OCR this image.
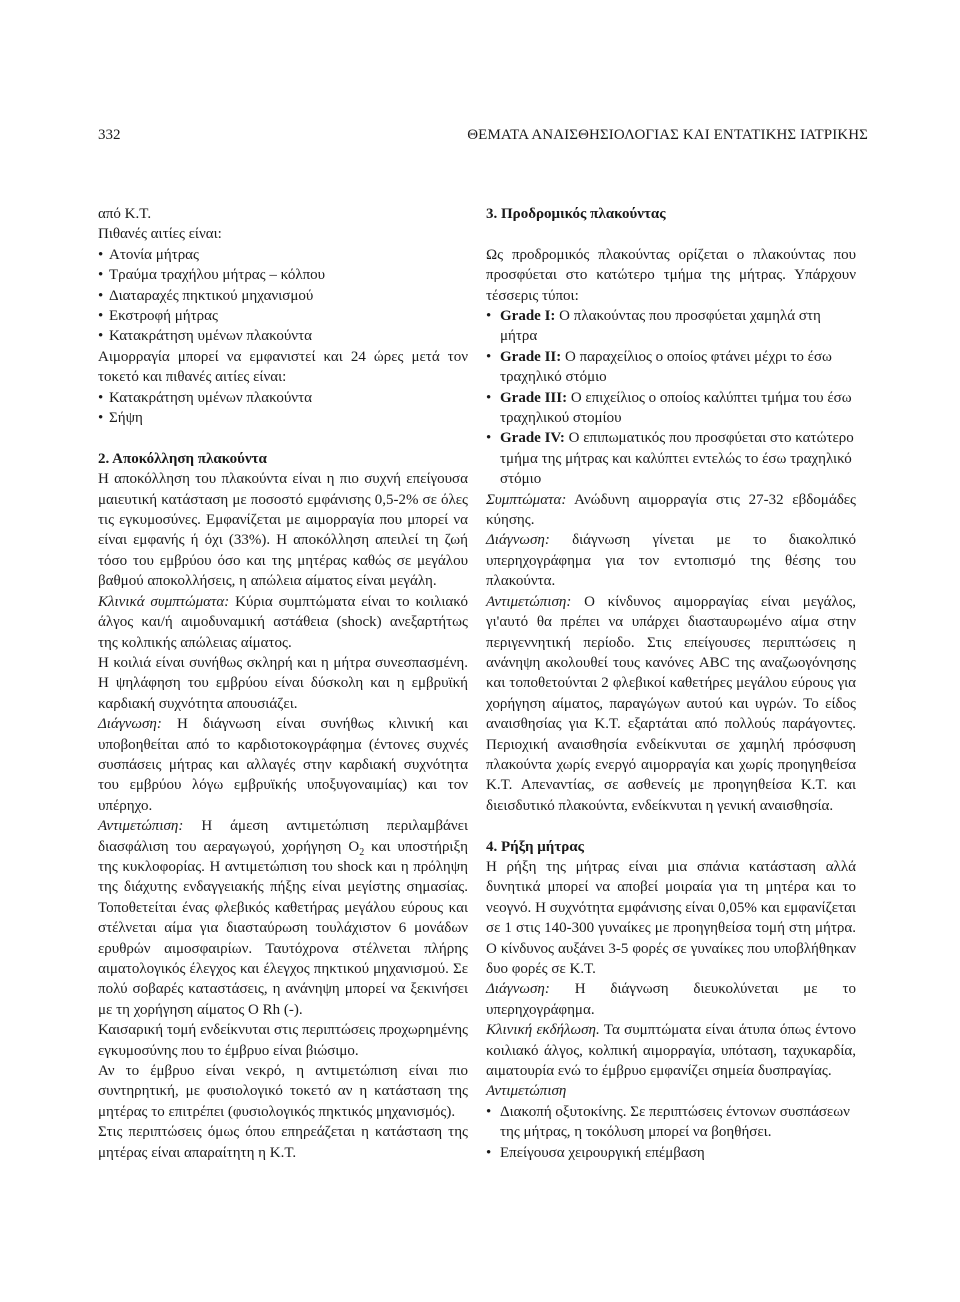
332	ΘΕΜΑΤΑ ΑΝΑΙΣΘΗΣΙΟΛΟΓΙΑΣ ΚΑΙ ΕΝΤΑΤΙΚΗΣ ΙΑΤΡΙΚΗΣ

από Κ.Τ.

Πιθανές αιτίες είναι:

• Ατονία μήτρας

• Τραύμα τραχήλου μήτρας – κόλπου

• Διαταραχές πηκτικού μηχανισμού

• Εκστροφή μήτρας

• Κατακράτηση υμένων πλακούντα

Αιμορραγία μπορεί να εμφανιστεί και 24 ώρες μετά τον τοκετό και πιθανές αιτίες είναι:

• Κατακράτηση υμένων πλακούντα

• Σήψη

2. Αποκόλληση πλακούντα

Η αποκόλληση του πλακούντα είναι η πιο συχνή επείγουσα μαιευτική κατάσταση με ποσοστό εμφάνισης 0,5-2% σε όλες τις εγκυμοσύνες. Εμφανίζεται με αιμορραγία που μπορεί να είναι εμφανής ή όχι (33%). Η αποκόλληση απειλεί τη ζωή τόσο του εμβρύου όσο και της μητέρας καθώς σε μεγάλου βαθμού αποκολλήσεις, η απώλεια αίματος είναι μεγάλη.

Κλινικά συμπτώματα: Κύρια συμπτώματα είναι το κοιλιακό άλγος και/ή αιμοδυναμική αστάθεια (shock) ανεξαρτήτως της κολπικής απώλειας αίματος.

Η κοιλιά είναι συνήθως σκληρή και η μήτρα συνεσπασμένη. Η ψηλάφηση του εμβρύου είναι δύσκολη και η εμβρυϊκή καρδιακή συχνότητα απουσιάζει.

Διάγνωση: Η διάγνωση είναι συνήθως κλινική και υποβοηθείται από το καρδιοτοκογράφημα (έντονες συχνές συσπάσεις μήτρας και αλλαγές στην καρδιακή συχνότητα του εμβρύου λόγω εμβρυϊκής υποξυγοναιμίας) και τον υπέρηχο.

Αντιμετώπιση: Η άμεση αντιμετώπιση περιλαμβάνει διασφάλιση του αεραγωγού, χορήγηση $O_2$ και υποστήριξη της κυκλοφορίας. Η αντιμετώπιση του shock και η πρόληψη της διάχυτης ενδαγγειακής πήξης είναι μεγίστης σημασίας. Τοποθετείται ένας φλεβικός καθετήρας μεγάλου εύρους και στέλνεται αίμα για διασταύρωση τουλάχιστον 6 μονάδων ερυθρών αιμοσφαιρίων. Ταυτόχρονα στέλνεται πλήρης αιματολογικός έλεγχος και έλεγχος πηκτικού μηχανισμού. Σε πολύ σοβαρές καταστάσεις, η ανάνηψη μπορεί να ξεκινήσει με τη χορήγηση αίματος O Rh (-).

Καισαρική τομή ενδείκνυται στις περιπτώσεις προχωρημένης εγκυμοσύνης που το έμβρυο είναι βιώσιμο.

Αν το έμβρυο είναι νεκρό, η αντιμετώπιση είναι πιο συντηρητική, με φυσιολογικό τοκετό αν η κατάσταση της μητέρας το επιτρέπει (φυσιολογικός πηκτικός μηχανισμός).

Στις περιπτώσεις όμως όπου επηρεάζεται η κατάσταση της μητέρας είναι απαραίτητη η Κ.Τ.

3. Προδρομικός πλακούντας

Ως προδρομικός πλακούντας ορίζεται ο πλακούντας που προσφύεται στο κατώτερο τμήμα της μήτρας. Υπάρχουν τέσσερις τύποι:

• Grade I: Ο πλακούντας που προσφύεται χαμηλά στη μήτρα

• Grade II: Ο παραχείλιος ο οποίος φτάνει μέχρι το έσω τραχηλικό στόμιο

• Grade III: Ο επιχείλιος ο οποίος καλύπτει τμήμα του έσω τραχηλικού στομίου

• Grade IV: Ο επιπωματικός που προσφύεται στο κατώτερο τμήμα της μήτρας και καλύπτει εντελώς το έσω τραχηλικό στόμιο

Συμπτώματα: Ανώδυνη αιμορραγία στις 27-32 εβδομάδες κύησης.

Διάγνωση: διάγνωση γίνεται με το διακολπικό υπερηχογράφημα για τον εντοπισμό της θέσης του πλακούντα.

Αντιμετώπιση: Ο κίνδυνος αιμορραγίας είναι μεγάλος, γι'αυτό θα πρέπει να υπάρχει διασταυρωμένο αίμα στην περιγεννητική περίοδο. Στις επείγουσες περιπτώσεις η ανάνηψη ακολουθεί τους κανόνες ABC της αναζωογόνησης και τοποθετούνται 2 φλεβικοί καθετήρες μεγάλου εύρους για χορήγηση αίματος, παραγώγων αυτού και υγρών. Το είδος αναισθησίας για Κ.Τ. εξαρτάται από πολλούς παράγοντες. Περιοχική αναισθησία ενδείκνυται σε χαμηλή πρόσφυση πλακούντα χωρίς ενεργό αιμορραγία και χωρίς προηγηθείσα Κ.Τ. Απεναντίας, σε ασθενείς με προηγηθείσα Κ.Τ. και διεισδυτικό πλακούντα, ενδείκνυται η γενική αναισθησία.

4. Ρήξη μήτρας

Η ρήξη της μήτρας είναι μια σπάνια κατάσταση αλλά δυνητικά μπορεί να αποβεί μοιραία για τη μητέρα και το νεογνό. Η συχνότητα εμφάνισης είναι 0,05% και εμφανίζεται σε 1 στις 140-300 γυναίκες με προηγηθείσα τομή στη μήτρα. Ο κίνδυνος αυξάνει 3-5 φορές σε γυναίκες που υποβλήθηκαν δυο φορές σε Κ.Τ.

Διάγνωση: Η διάγνωση διευκολύνεται με το υπερηχογράφημα.

Κλινική εκδήλωση. Τα συμπτώματα είναι άτυπα όπως έντονο κοιλιακό άλγος, κολπική αιμορραγία, υπόταση, ταχυκαρδία, αιματουρία ενώ το έμβρυο εμφανίζει σημεία δυσπραγίας.

Αντιμετώπιση

• Διακοπή οξυτοκίνης. Σε περιπτώσεις έντονων συσπάσεων της μήτρας, η τοκόλυση μπορεί να βοηθήσει.

• Επείγουσα χειρουργική επέμβαση
